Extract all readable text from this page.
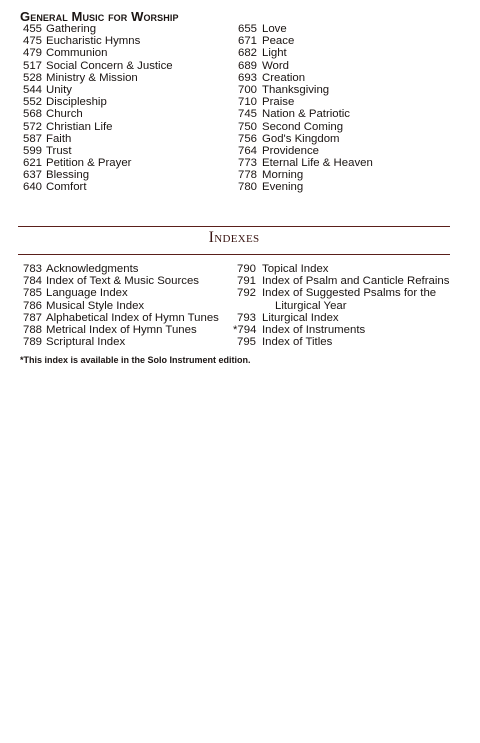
General Music for Worship
455 Gathering
475 Eucharistic Hymns
479 Communion
517 Social Concern & Justice
528 Ministry & Mission
544 Unity
552 Discipleship
568 Church
572 Christian Life
587 Faith
599 Trust
621 Petition & Prayer
637 Blessing
640 Comfort
655 Love
671 Peace
682 Light
689 Word
693 Creation
700 Thanksgiving
710 Praise
745 Nation & Patriotic
750 Second Coming
756 God's Kingdom
764 Providence
773 Eternal Life & Heaven
778 Morning
780 Evening
Indexes
783 Acknowledgments
784 Index of Text & Music Sources
785 Language Index
786 Musical Style Index
787 Alphabetical Index of Hymn Tunes
788 Metrical Index of Hymn Tunes
789 Scriptural Index
790 Topical Index
791 Index of Psalm and Canticle Refrains
792 Index of Suggested Psalms for the
Liturgical Year
793 Liturgical Index
*794 Index of Instruments
795 Index of Titles
*This index is available in the Solo Instrument edition.
